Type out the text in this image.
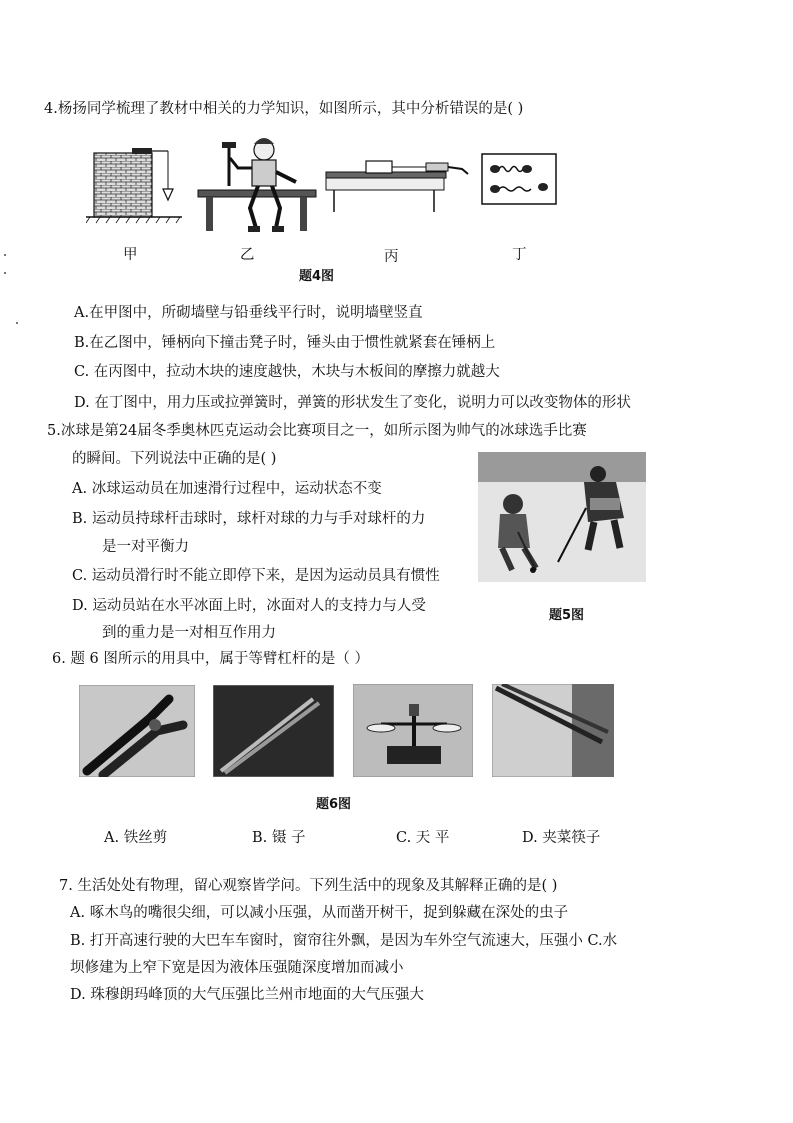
4.杨扬同学梳理了教材中相关的力学知识，如图所示，其中分析错误的是( )
甲	乙	丙	丁
题4图
A.在甲图中，所砌墙壁与铅垂线平行时，说明墙壁竖直
B.在乙图中，锤柄向下撞击凳子时，锤头由于惯性就紧套在锤柄上
C. 在丙图中，拉动木块的速度越快，木块与木板间的摩擦力就越大
D. 在丁图中，用力压或拉弹簧时，弹簧的形状发生了变化，说明力可以改变物体的形状
5.冰球是第24届冬季奥林匹克运动会比赛项目之一，如所示图为帅气的冰球选手比赛
的瞬间。下列说法中正确的是( )
A. 冰球运动员在加速滑行过程中，运动状态不变
B. 运动员持球杆击球时，球杆对球的力与手对球杆的力
是一对平衡力
C. 运动员滑行时不能立即停下来，是因为运动员具有惯性
D. 运动员站在水平冰面上时，冰面对人的支持力与人受
到的重力是一对相互作用力
题5图
6. 题 6 图所示的用具中，属于等臂杠杆的是（ ）
题6图
A. 铁丝剪	B. 镊 子	C. 天 平	D. 夹菜筷子
7. 生活处处有物理，留心观察皆学问。下列生活中的现象及其解释正确的是( )
A. 啄木鸟的嘴很尖细，可以减小压强，从而凿开树干，捉到躲藏在深处的虫子
B. 打开高速行驶的大巴车车窗时，窗帘往外飘，是因为车外空气流速大，压强小 C.水
坝修建为上窄下宽是因为液体压强随深度增加而减小
D. 珠穆朗玛峰顶的大气压强比兰州市地面的大气压强大
